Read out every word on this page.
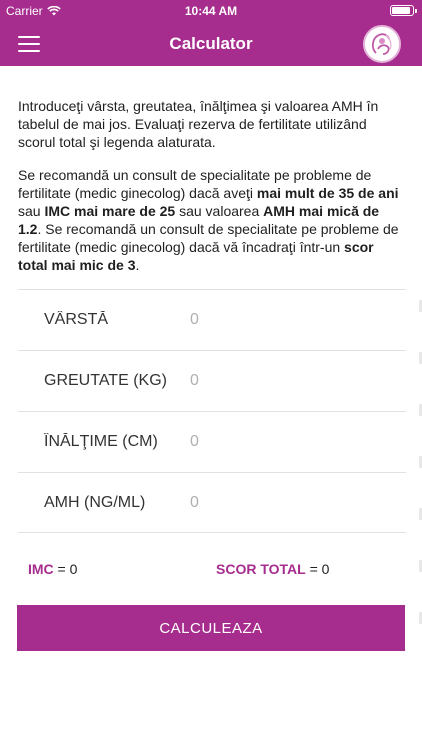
Carrier	10:44 AM
Calculator

Introduceţi vârsta, greutatea, înălţimea şi valoarea AMH în tabelul de mai jos. Evaluaţi rezerva de fertilitate utilizând scorul total şi legenda alaturata.

Se recomandă un consult de specialitate pe probleme de fertilitate (medic ginecolog) dacă aveţi mai mult de 35 de ani sau IMC mai mare de 25 sau valoarea AMH mai mică de 1.2. Se recomandă un consult de specialitate pe probleme de fertilitate (medic ginecolog) dacă vă încadraţi într-un scor total mai mic de 3.

VÂRSTĂ
0
GREUTATE (KG)
0
ÎNĂLŢIME (CM)
0
AMH (NG/ML)
0
IMC = 0	SCOR TOTAL = 0
CALCULEAZA
